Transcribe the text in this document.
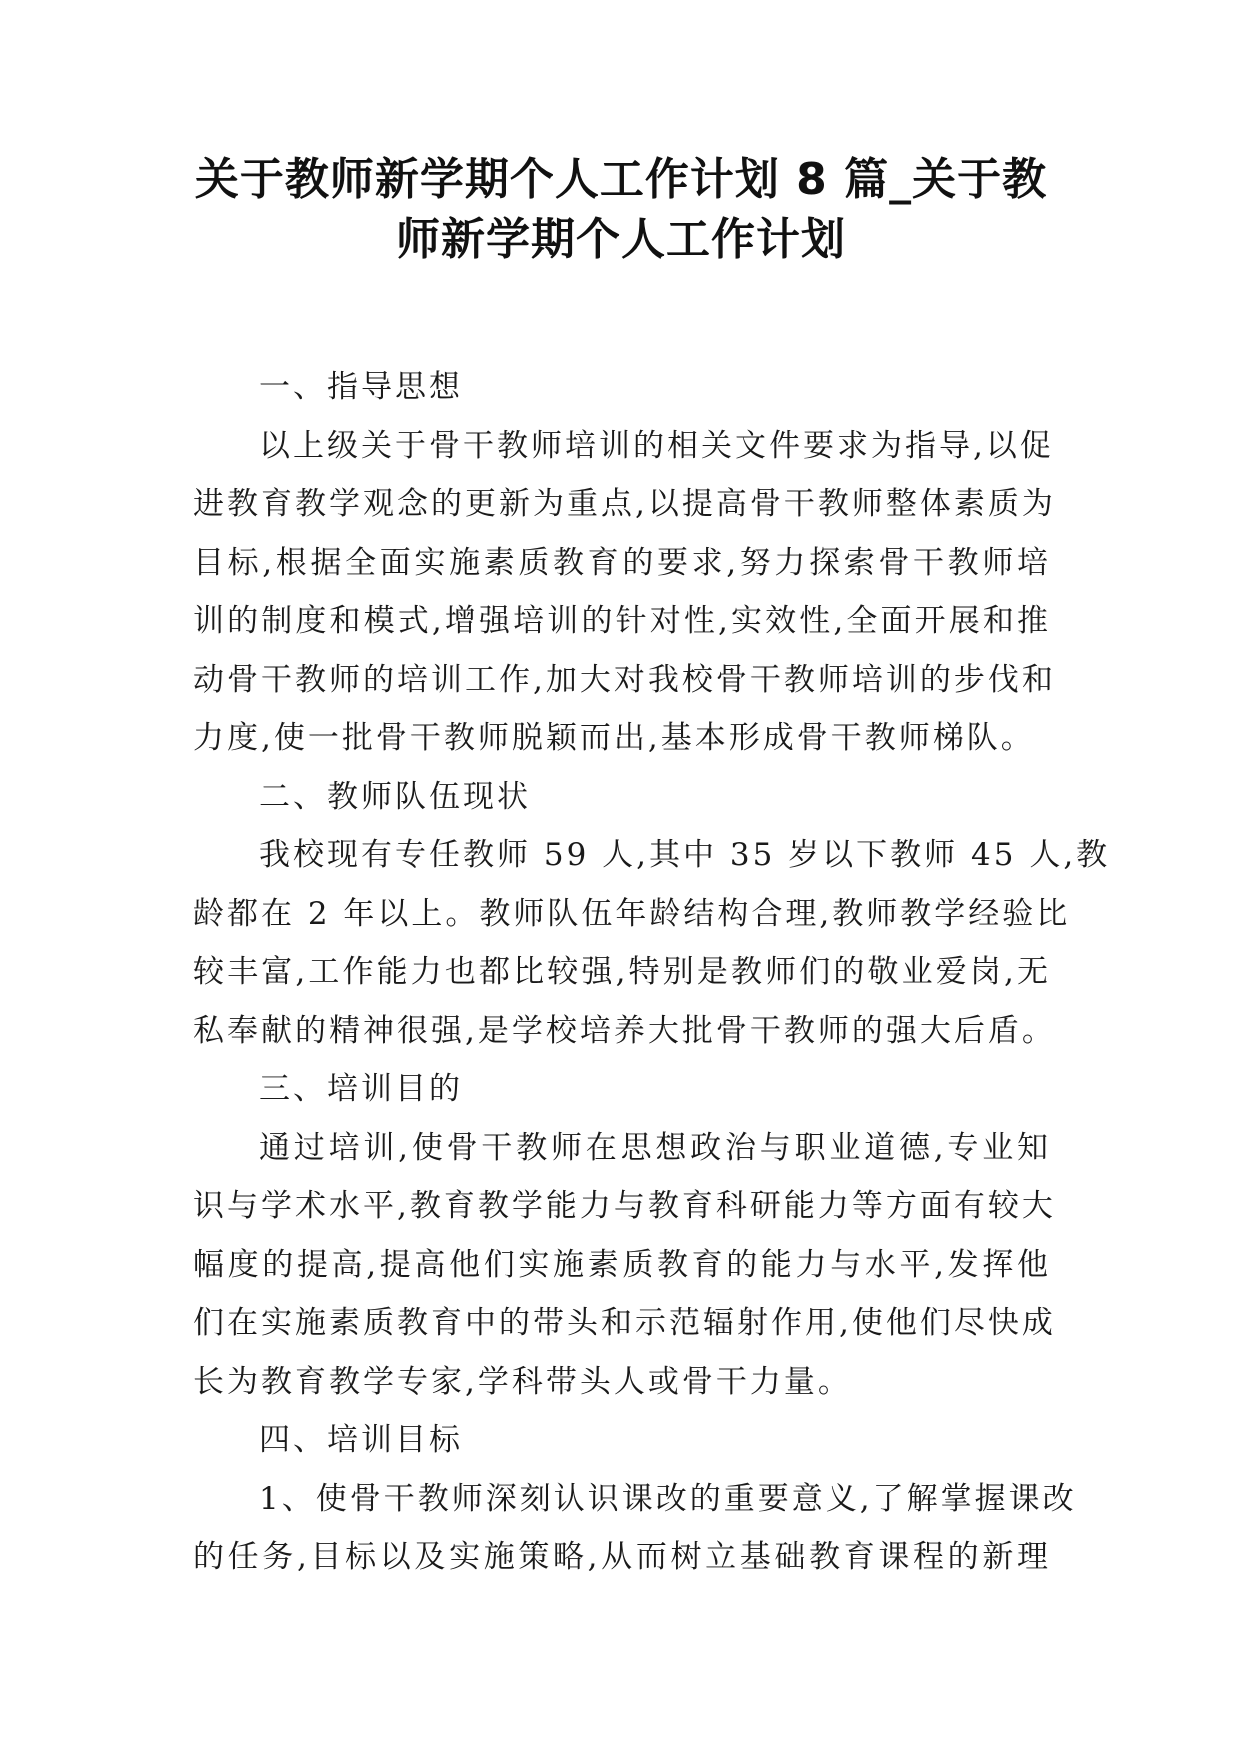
关于教师新学期个人工作计划 8 篇_关于教
师新学期个人工作计划

一、指导思想

以上级关于骨干教师培训的相关文件要求为指导,以促

进教育教学观念的更新为重点,以提高骨干教师整体素质为

目标,根据全面实施素质教育的要求,努力探索骨干教师培

训的制度和模式,增强培训的针对性,实效性,全面开展和推

动骨干教师的培训工作,加大对我校骨干教师培训的步伐和

力度,使一批骨干教师脱颖而出,基本形成骨干教师梯队。

二、教师队伍现状

我校现有专任教师 59 人,其中 35 岁以下教师 45 人,教

龄都在 2 年以上。教师队伍年龄结构合理,教师教学经验比

较丰富,工作能力也都比较强,特别是教师们的敬业爱岗,无

私奉献的精神很强,是学校培养大批骨干教师的强大后盾。

三、培训目的

通过培训,使骨干教师在思想政治与职业道德,专业知

识与学术水平,教育教学能力与教育科研能力等方面有较大

幅度的提高,提高他们实施素质教育的能力与水平,发挥他

们在实施素质教育中的带头和示范辐射作用,使他们尽快成

长为教育教学专家,学科带头人或骨干力量。

四、培训目标

1、使骨干教师深刻认识课改的重要意义,了解掌握课改

的任务,目标以及实施策略,从而树立基础教育课程的新理
